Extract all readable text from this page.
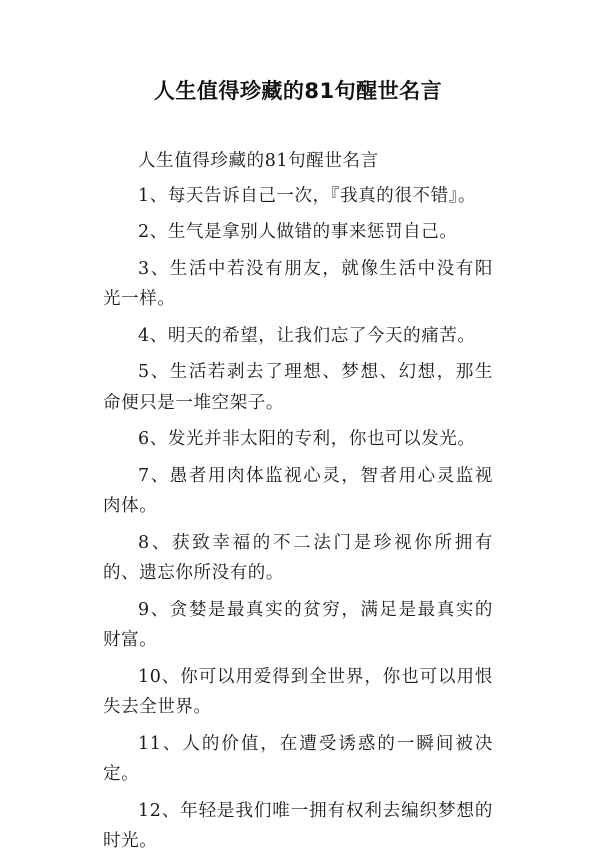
人生值得珍藏的81句醒世名言

人生值得珍藏的81句醒世名言

1、每天告诉自己一次，『我真的很不错』。

2、生气是拿别人做错的事来惩罚自己。

3、生活中若没有朋友，就像生活中没有阳光一样。

4、明天的希望，让我们忘了今天的痛苦。

5、生活若剥去了理想、梦想、幻想，那生命便只是一堆空架子。

6、发光并非太阳的专利，你也可以发光。

7、愚者用肉体监视心灵，智者用心灵监视肉体。

8、获致幸福的不二法门是珍视你所拥有的、遗忘你所没有的。

9、贪婪是最真实的贫穷，满足是最真实的财富。

10、你可以用爱得到全世界，你也可以用恨失去全世界。

11、人的价值，在遭受诱惑的一瞬间被决定。

12、年轻是我们唯一拥有权利去编织梦想的时光。
